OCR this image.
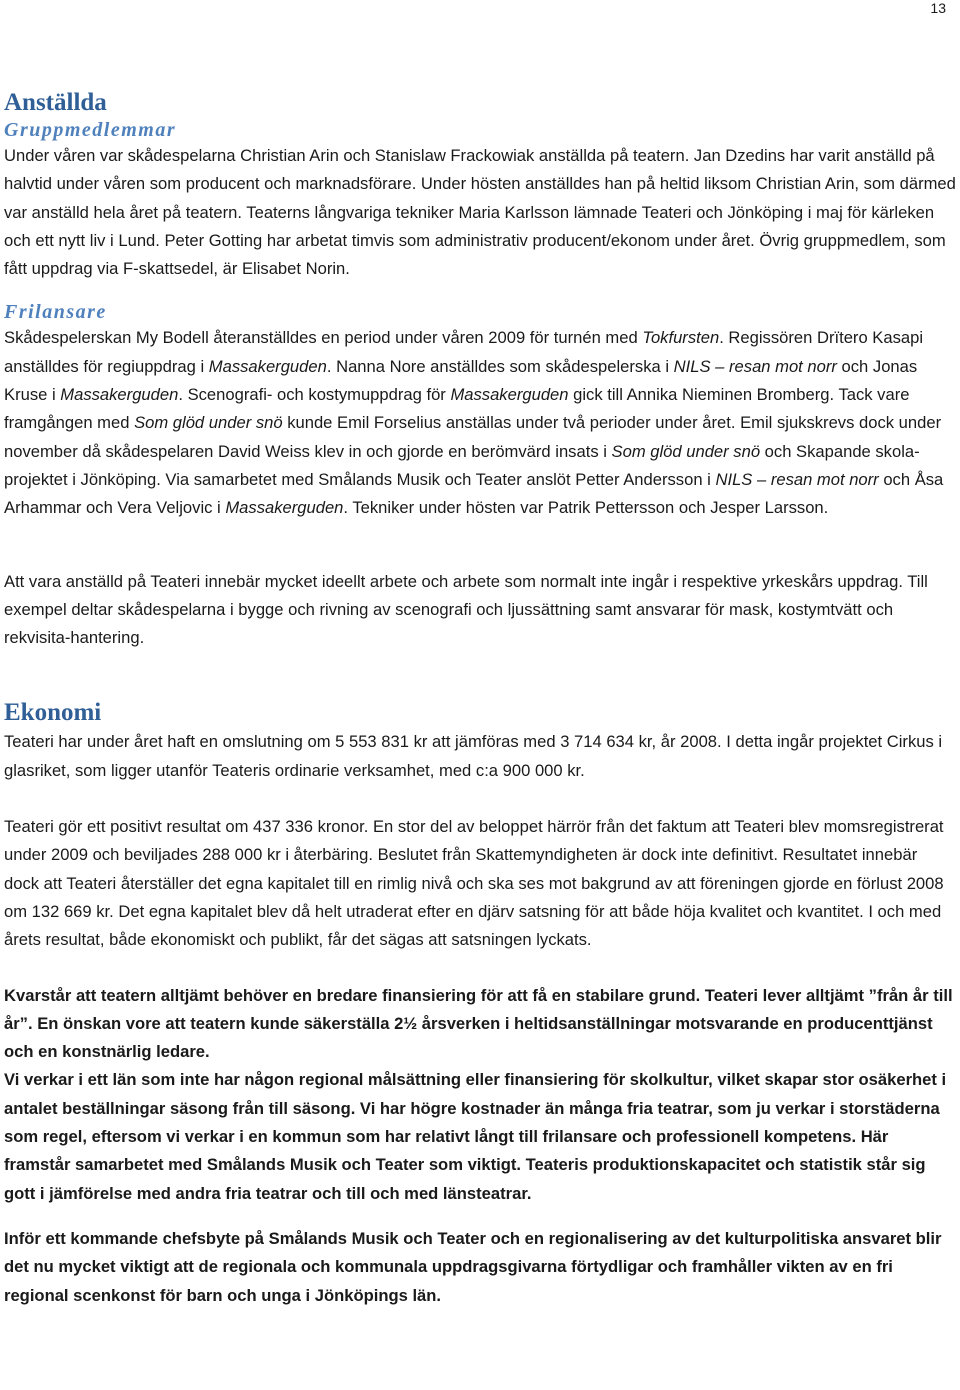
13
Anställda
Gruppmedlemmar

Under våren var skådespelarna Christian Arin och Stanislaw Frackowiak anställda på teatern. Jan Dzedins har varit anställd på halvtid under våren som producent och marknadsförare. Under hösten anställdes han på heltid liksom Christian Arin, som därmed var anställd hela året på teatern. Teaterns långvariga tekniker Maria Karlsson lämnade Teateri och Jönköping i maj för kärleken och ett nytt liv i Lund. Peter Gotting har arbetat timvis som administrativ producent/ekonom under året. Övrig gruppmedlem, som fått uppdrag via F-skattsedel, är Elisabet Norin.

Frilansare

Skådespelerskan My Bodell återanställdes en period under våren 2009 för turnén med Tokfursten. Regissören Drïtero Kasapi anställdes för regiuppdrag i Massakerguden. Nanna Nore anställdes som skådespelerska i NILS – resan mot norr och Jonas Kruse i Massakerguden. Scenografi- och kostymuppdrag för Massakerguden gick till Annika Nieminen Bromberg. Tack vare framgången med Som glöd under snö kunde Emil Forselius anställas under två perioder under året. Emil sjukskrevs dock under november då skådespelaren David Weiss klev in och gjorde en berömvärd insats i Som glöd under snö och Skapande skola-projektet i Jönköping. Via samarbetet med Smålands Musik och Teater anslöt Petter Andersson i NILS – resan mot norr och Åsa Arhammar och Vera Veljovic i Massakerguden. Tekniker under hösten var Patrik Pettersson och Jesper Larsson.

Att vara anställd på Teateri innebär mycket ideellt arbete och arbete som normalt inte ingår i respektive yrkeskårs uppdrag. Till exempel deltar skådespelarna i bygge och rivning av scenografi och ljussättning samt ansvarar för mask, kostymtvätt och rekvisita-hantering.

Ekonomi

Teateri har under året haft en omslutning om 5 553 831 kr att jämföras med 3 714 634 kr, år 2008. I detta ingår projektet Cirkus i glasriket, som ligger utanför Teateris ordinarie verksamhet, med c:a 900 000 kr.

Teateri gör ett positivt resultat om 437 336 kronor. En stor del av beloppet härrör från det faktum att Teateri blev momsregistrerat under 2009 och beviljades 288 000 kr i återbäring. Beslutet från Skattemyndigheten är dock inte definitivt. Resultatet innebär dock att Teateri återställer det egna kapitalet till en rimlig nivå och ska ses mot bakgrund av att föreningen gjorde en förlust 2008 om 132 669 kr. Det egna kapitalet blev då helt utraderat efter en djärv satsning för att både höja kvalitet och kvantitet. I och med årets resultat, både ekonomiskt och publikt, får det sägas att satsningen lyckats.

Kvarstår att teatern alltjämt behöver en bredare finansiering för att få en stabilare grund. Teateri lever alltjämt ”från år till år”. En önskan vore att teatern kunde säkerställa 2½ årsverken i heltidsanställningar motsvarande en producenttjänst och en konstnärlig ledare.

Vi verkar i ett län som inte har någon regional målsättning eller finansiering för skolkultur, vilket skapar stor osäkerhet i antalet beställningar säsong från till säsong. Vi har högre kostnader än många fria teatrar, som ju verkar i storstäderna som regel, eftersom vi verkar i en kommun som har relativt långt till frilansare och professionell kompetens. Här framstår samarbetet med Smålands Musik och Teater som viktigt. Teateris produktionskapacitet och statistik står sig gott i jämförelse med andra fria teatrar och till och med länsteatrar.

Inför ett kommande chefsbyte på Smålands Musik och Teater och en regionalisering av det kulturpolitiska ansvaret blir det nu mycket viktigt att de regionala och kommunala uppdragsgivarna förtydligar och framhåller vikten av en fri regional scenkonst för barn och unga i Jönköpings län.
